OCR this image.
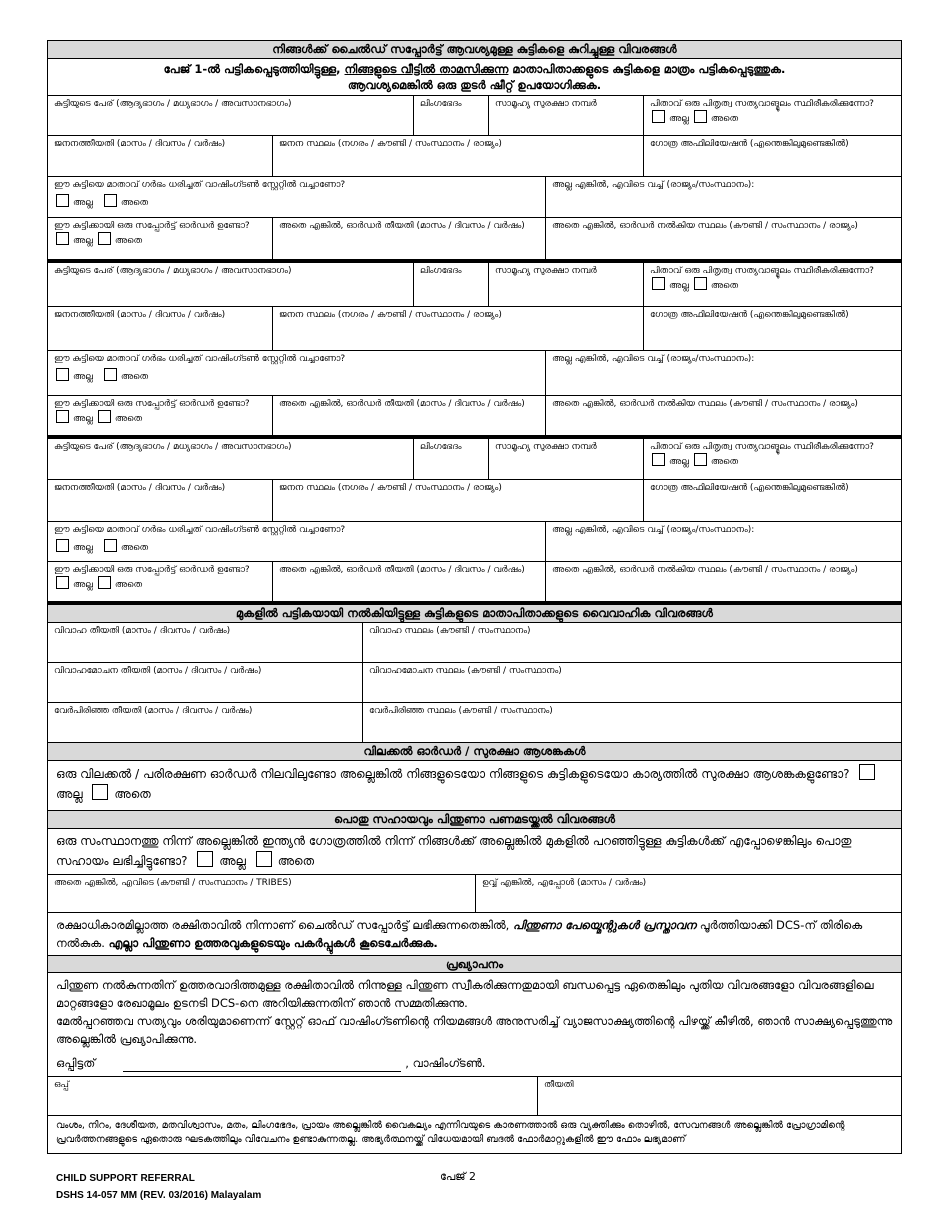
നിങ്ങൾക്ക് ചൈൽഡ് സപ്പോർട്ട് ആവശ്യമുള്ള കുട്ടികളെ കുറിച്ചുള്ള വിവരങ്ങൾ
പേജ് 1-ൽ പട്ടികപ്പെടുത്തിയിട്ടുള്ള, നിങ്ങളുടെ വീട്ടിൽ താമസിക്കുന്ന മാതാപിതാക്കളുടെ കുട്ടികളെ മാത്രം പട്ടികപ്പെടുത്തുക.
ആവശ്യമെങ്കിൽ ഒരു തുടർ ഷീറ്റ് ഉപയോഗിക്കുക.
കുട്ടിയുടെ പേര് (ആദ്യഭാഗം / മധ്യഭാഗം / അവസാനഭാഗം)	ലിംഗഭേദം	സാമൂഹ്യ സുരക്ഷാ നമ്പർ	പിതാവ് ഒരു പിതൃത്വ സത്യവാങ്മൂലം സ്ഥിരീകരിക്കുന്നോ? അല്ല അതെ
ജനനത്തീയതി (മാസം / ദിവസം / വർഷം)	ജനന സ്ഥലം (നഗരം / കൗണ്ടി / സംസ്ഥാനം / രാജ്യം)	ഗോത്ര അഫിലിയേഷൻ (എന്തെങ്കിലുമുണ്ടെങ്കിൽ)
ഈ കുട്ടിയെ മാതാവ് ഗർഭം ധരിച്ചത് വാഷിംഗ്ടൺ സ്റ്റേറ്റിൽ വച്ചാണോ?
അല്ല	അതെ
അല്ല എങ്കിൽ, എവിടെ വച്ച് (രാജ്യം/സംസ്ഥാനം):
ഈ കുട്ടിക്കായി ഒരു സപ്പോർട്ട് ഓർഡർ ഉണ്ടോ? അല്ല അതെ
അതെ എങ്കിൽ, ഓർഡർ തീയതി (മാസം / ദിവസം / വർഷം)	അതെ എങ്കിൽ, ഓർഡർ നൽകിയ സ്ഥലം (കൗണ്ടി / സംസ്ഥാനം / രാജ്യം)
കുട്ടിയുടെ പേര് (ആദ്യഭാഗം / മധ്യഭാഗം / അവസാനഭാഗം)	ലിംഗഭേദം	സാമൂഹ്യ സുരക്ഷാ നമ്പർ	പിതാവ് ഒരു പിതൃത്വ സത്യവാങ്മൂലം സ്ഥിരീകരിക്കുന്നോ? അല്ല അതെ
ജനനത്തീയതി (മാസം / ദിവസം / വർഷം)	ജനന സ്ഥലം (നഗരം / കൗണ്ടി / സംസ്ഥാനം / രാജ്യം)	ഗോത്ര അഫിലിയേഷൻ (എന്തെങ്കിലുമുണ്ടെങ്കിൽ)
ഈ കുട്ടിയെ മാതാവ് ഗർഭം ധരിച്ചത് വാഷിംഗ്ടൺ സ്റ്റേറ്റിൽ വച്ചാണോ?
അല്ല	അതെ
അല്ല എങ്കിൽ, എവിടെ വച്ച് (രാജ്യം/സംസ്ഥാനം):
ഈ കുട്ടിക്കായി ഒരു സപ്പോർട്ട് ഓർഡർ ഉണ്ടോ? അല്ല അതെ
അതെ എങ്കിൽ, ഓർഡർ തീയതി (മാസം / ദിവസം / വർഷം)	അതെ എങ്കിൽ, ഓർഡർ നൽകിയ സ്ഥലം (കൗണ്ടി / സംസ്ഥാനം / രാജ്യം)
കുട്ടിയുടെ പേര് (ആദ്യഭാഗം / മധ്യഭാഗം / അവസാനഭാഗം)	ലിംഗഭേദം	സാമൂഹ്യ സുരക്ഷാ നമ്പർ	പിതാവ് ഒരു പിതൃത്വ സത്യവാങ്മൂലം സ്ഥിരീകരിക്കുന്നോ? അല്ല അതെ
ജനനത്തീയതി (മാസം / ദിവസം / വർഷം)	ജനന സ്ഥലം (നഗരം / കൗണ്ടി / സംസ്ഥാനം / രാജ്യം)	ഗോത്ര അഫിലിയേഷൻ (എന്തെങ്കിലുമുണ്ടെങ്കിൽ)
ഈ കുട്ടിയെ മാതാവ് ഗർഭം ധരിച്ചത് വാഷിംഗ്ടൺ സ്റ്റേറ്റിൽ വച്ചാണോ?
അല്ല	അതെ
അല്ല എങ്കിൽ, എവിടെ വച്ച് (രാജ്യം/സംസ്ഥാനം):
ഈ കുട്ടിക്കായി ഒരു സപ്പോർട്ട് ഓർഡർ ഉണ്ടോ? അല്ല അതെ
അതെ എങ്കിൽ, ഓർഡർ തീയതി (മാസം / ദിവസം / വർഷം)	അതെ എങ്കിൽ, ഓർഡർ നൽകിയ സ്ഥലം (കൗണ്ടി / സംസ്ഥാനം / രാജ്യം)
മുകളിൽ പട്ടികയായി നൽകിയിട്ടുള്ള കുട്ടികളുടെ മാതാപിതാക്കളുടെ വൈവാഹിക വിവരങ്ങൾ
വിവാഹ തീയതി (മാസം / ദിവസം / വർഷം)	വിവാഹ സ്ഥലം (കൗണ്ടി / സംസ്ഥാനം)
വിവാഹമോചന തീയതി (മാസം / ദിവസം / വർഷം)	വിവാഹമോചന സ്ഥലം (കൗണ്ടി / സംസ്ഥാനം)
വേർപിരിഞ്ഞ തീയതി (മാസം / ദിവസം / വർഷം)	വേർപിരിഞ്ഞ സ്ഥലം (കൗണ്ടി / സംസ്ഥാനം)
വിലക്കൽ ഓർഡർ / സുരക്ഷാ ആശങ്കകൾ
ഒരു വിലക്കൽ / പരിരക്ഷണ ഓർഡർ നിലവിലുണ്ടോ അല്ലെങ്കിൽ നിങ്ങളുടെയോ നിങ്ങളുടെ കുട്ടികളുടെയോ കാര്യത്തിൽ സുരക്ഷാ ആശങ്കകളുണ്ടോ? അല്ല	അതെ
പൊതു സഹായവും പിന്തുണാ പണമടയ്ക്കൽ വിവരങ്ങൾ
ഒരു സംസ്ഥാനത്തു നിന്ന് അല്ലെങ്കിൽ ഇന്ത്യൻ ഗോത്രത്തിൽ നിന്ന് നിങ്ങൾക്ക് അല്ലെങ്കിൽ മുകളിൽ പറഞ്ഞിട്ടുള്ള കുട്ടികൾക്ക് എപ്പോഴെങ്കിലും പൊതു സഹായം ലഭിച്ചിട്ടുണ്ടോ?	അല്ല	അതെ
അതെ എങ്കിൽ, എവിടെ (കൗണ്ടി / സംസ്ഥാനം / TRIBES)	ഉവ്വ് എങ്കിൽ, എപ്പോൾ (മാസം / വർഷം)
രക്ഷാധികാരമില്ലാത്ത രക്ഷിതാവിൽ നിന്നാണ് ചൈൽഡ് സപ്പോർട്ട് ലഭിക്കുന്നതെങ്കിൽ, പിന്തുണാ പേയ്മെന്റുകൾ പ്രസ്താവന പൂർത്തിയാക്കി DCS-ന് തിരികെ നൽകുക. എല്ലാ പിന്തുണാ ഉത്തരവുകളുടെയും പകർപ്പുകൾ കൂടെചേർക്കുക.
പ്രഖ്യാപനം
പിന്തുണ നൽകുന്നതിന് ഉത്തരവാദിത്തമുള്ള രക്ഷിതാവിൽ നിന്നുള്ള പിന്തുണ സ്വീകരിക്കുന്നതുമായി ബന്ധപ്പെട്ട ഏതെങ്കിലും പുതിയ വിവരങ്ങളോ വിവരങ്ങളിലെ മാറ്റങ്ങളോ രേഖാമൂലം ഉടനടി DCS-നെ അറിയിക്കുന്നതിന് ഞാൻ സമ്മതിക്കുന്നു.
മേൽപ്പറഞ്ഞവ സത്യവും ശരിയുമാണെന്ന് സ്റ്റേറ്റ് ഓഫ് വാഷിംഗ്ടണിന്റെ നിയമങ്ങൾ അനുസരിച്ച് വ്യാജസാക്ഷ്യത്തിന്റെ പിഴയ്ക്ക് കീഴിൽ, ഞാൻ സാക്ഷ്യപ്പെടുത്തുന്നു അല്ലെങ്കിൽ പ്രഖ്യാപിക്കുന്നു.
ഒപ്പിട്ടത്	, വാഷിംഗ്ടൺ.
ഒപ്പ്	തീയതി
വംശം, നിറം, ദേശീയത, മതവിശ്വാസം, മതം, ലിംഗഭേദം, പ്രായം അല്ലെങ്കിൽ വൈകല്യം എന്നിവയുടെ കാരണത്താൽ ഒരു വ്യക്തിക്കും തൊഴിൽ, സേവനങ്ങൾ അല്ലെങ്കിൽ പ്രോഗ്രാമിന്റെ പ്രവർത്തനങ്ങളുടെ ഏതൊരു ഘടകത്തിലും വിവേചനം ഉണ്ടാകുന്നതല്ല. അഭ്യർത്ഥനയ്ക്ക് വിധേയമായി ബദൽ ഫോർമാറ്റുകളിൽ ഈ ഫോം ലഭ്യമാണ്
CHILD SUPPORT REFERRAL
DSHS 14-057 MM (REV. 03/2016) Malayalam
പേജ് 2
